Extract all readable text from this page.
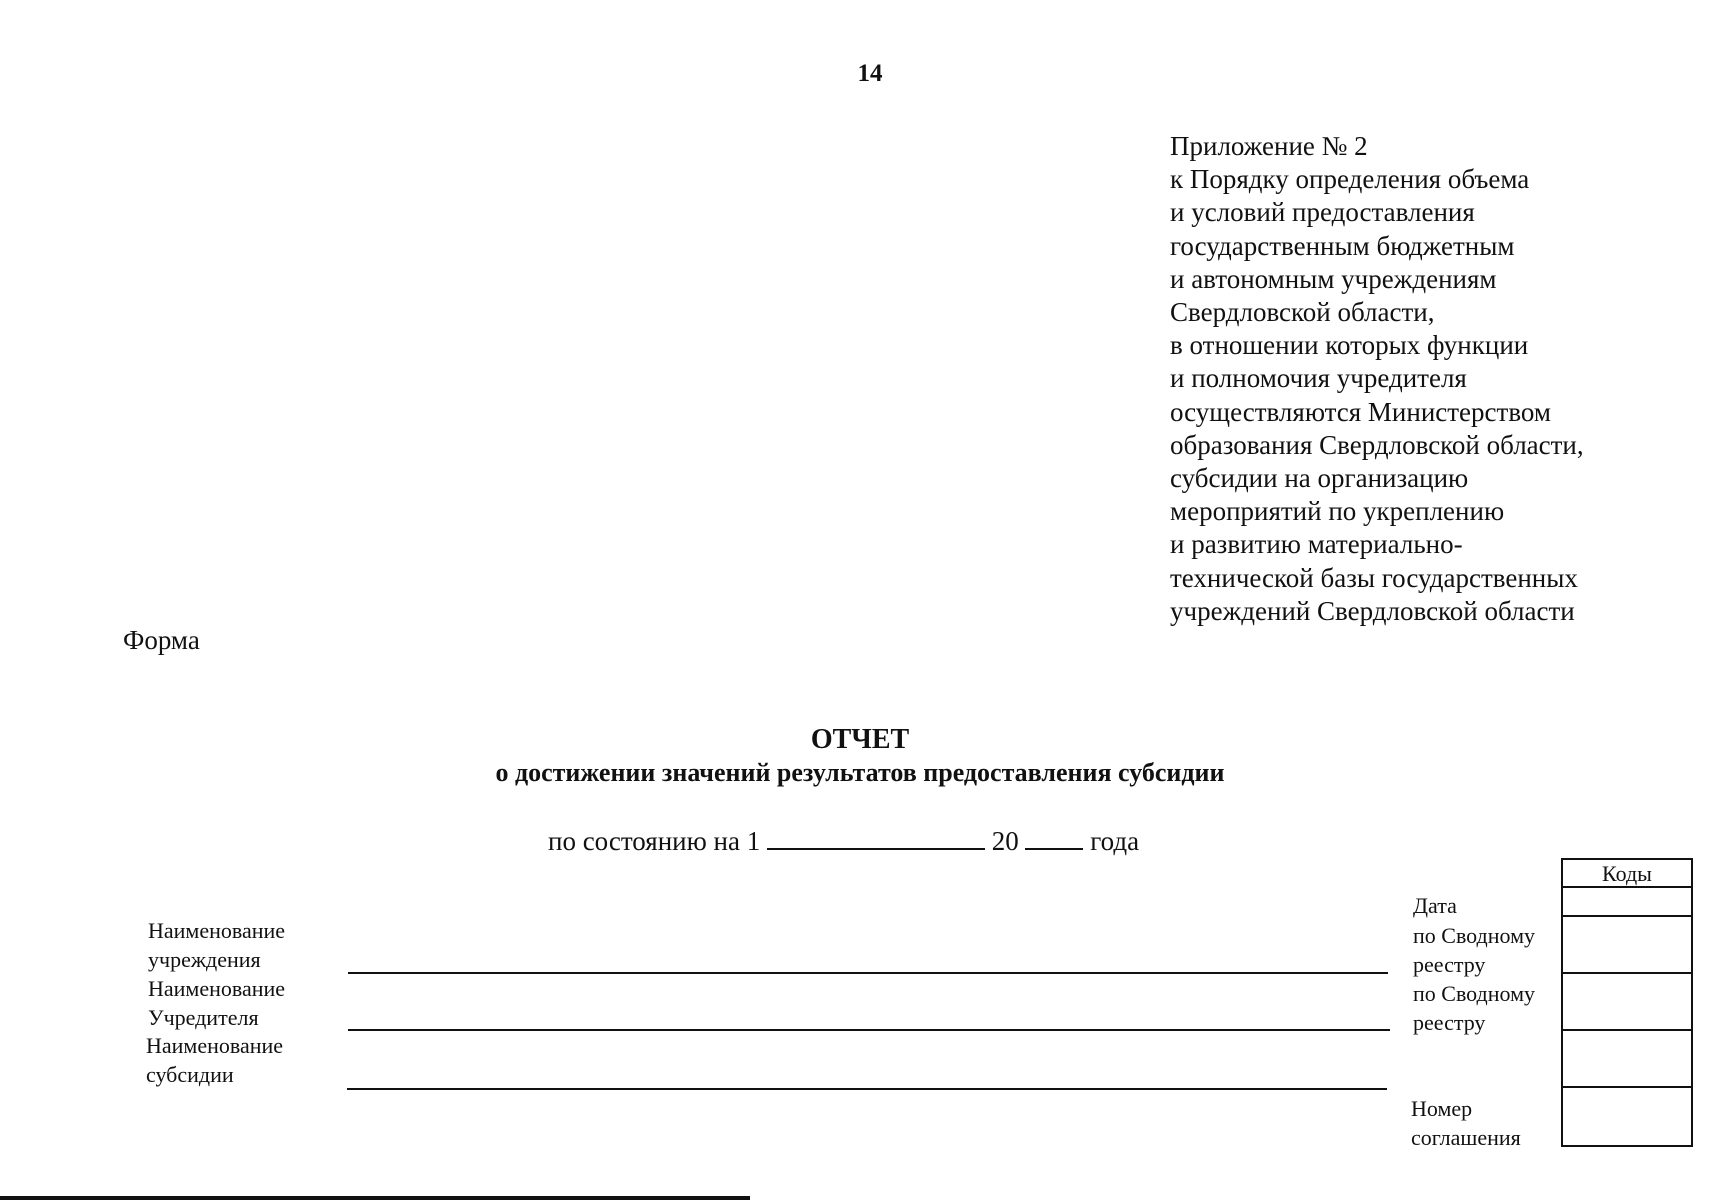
14
Приложение № 2
к Порядку определения объема
и условий предоставления
государственным бюджетным
и автономным учреждениям
Свердловской области,
в отношении которых функции
и полномочия учредителя
осуществляются Министерством
образования Свердловской области,
субсидии на организацию
мероприятий по укреплению
и развитию материально-
технической базы государственных
учреждений Свердловской области
Форма
ОТЧЕТ
о достижении значений результатов предоставления субсидии
по состоянию на 1	20	года
Наименование
учреждения
Наименование
Учредителя
Наименование
субсидии
Дата
по Сводному
реестру
по Сводному
реестру
Номер
соглашения
Коды
